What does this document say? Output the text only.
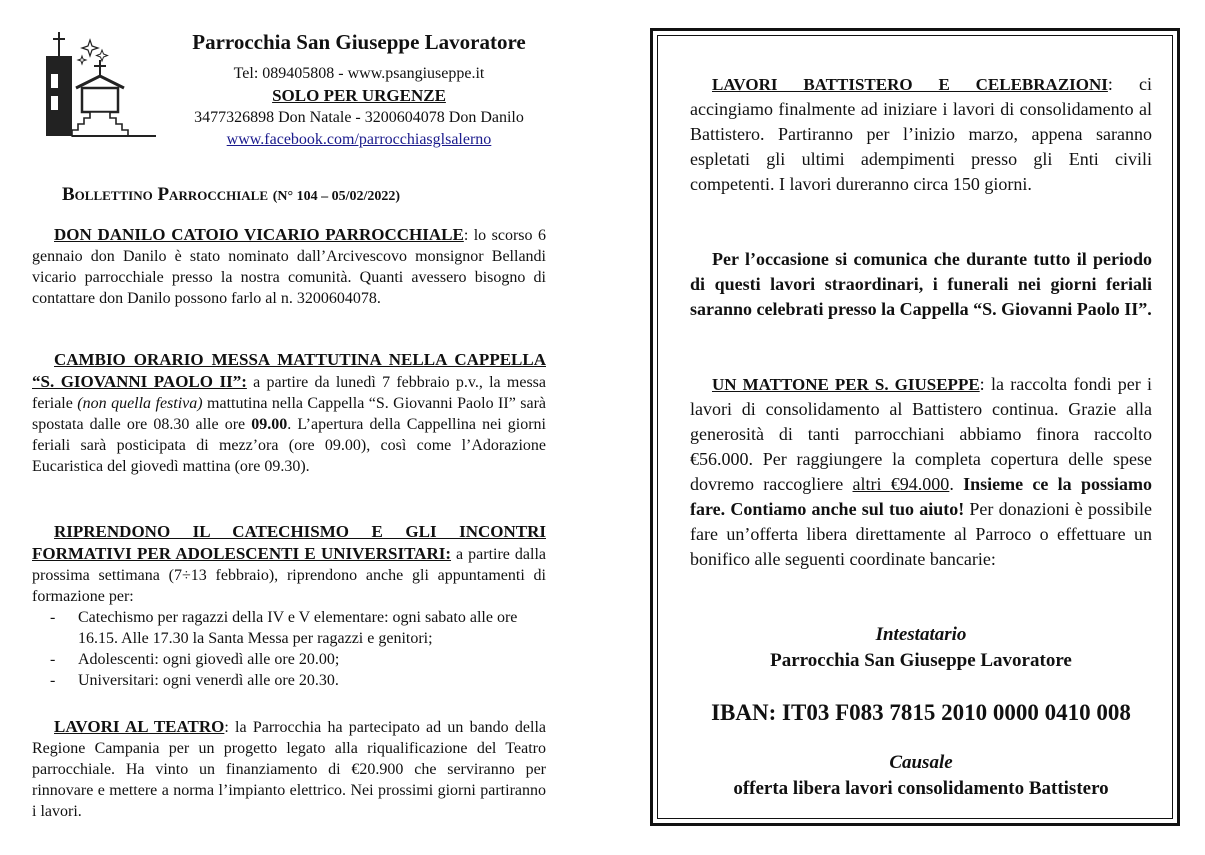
Parrocchia San Giuseppe Lavoratore
Tel: 089405808 - www.psangiuseppe.it
SOLO PER URGENZE
3477326898 Don Natale - 3200604078 Don Danilo
www.facebook.com/parrocchiasglsalerno
Bollettino Parrocchiale (N° 104 – 05/02/2022)

DON DANILO CATOIO VICARIO PARROCCHIALE: lo scorso 6 gennaio don Danilo è stato nominato dall’Arcivescovo monsignor Bellandi vicario parrocchiale presso la nostra comunità. Quanti avessero bisogno di contattare don Danilo possono farlo al n. 3200604078.

CAMBIO ORARIO MESSA MATTUTINA NELLA CAPPELLA “S. GIOVANNI PAOLO II”: a partire da lunedì 7 febbraio p.v., la messa feriale (non quella festiva) mattutina nella Cappella “S. Giovanni Paolo II” sarà spostata dalle ore 08.30 alle ore 09.00. L’apertura della Cappellina nei giorni feriali sarà posticipata di mezz’ora (ore 09.00), così come l’Adorazione Eucaristica del giovedì mattina (ore 09.30).

RIPRENDONO IL CATECHISMO E GLI INCONTRI FORMATIVI PER ADOLESCENTI E UNIVERSITARI: a partire dalla prossima settimana (7÷13 febbraio), riprendono anche gli appuntamenti di formazione per:

- Catechismo per ragazzi della IV e V elementare: ogni sabato alle ore 16.15. Alle 17.30 la Santa Messa per ragazzi e genitori;
- Adolescenti: ogni giovedì alle ore 20.00;
- Universitari: ogni venerdì alle ore 20.30.

LAVORI AL TEATRO: la Parrocchia ha partecipato ad un bando della Regione Campania per un progetto legato alla riqualificazione del Teatro parrocchiale. Ha vinto un finanziamento di €20.900 che serviranno per rinnovare e mettere a norma l’impianto elettrico. Nei prossimi giorni partiranno i lavori.

LAVORI BATTISTERO E CELEBRAZIONI: ci accingiamo finalmente ad iniziare i lavori di consolidamento al Battistero. Partiranno per l’inizio marzo, appena saranno espletati gli ultimi adempimenti presso gli Enti civili competenti. I lavori dureranno circa 150 giorni.

Per l’occasione si comunica che durante tutto il periodo di questi lavori straordinari, i funerali nei giorni feriali saranno celebrati presso la Cappella “S. Giovanni Paolo II”.

UN MATTONE PER S. GIUSEPPE: la raccolta fondi per i lavori di consolidamento al Battistero continua. Grazie alla generosità di tanti parrocchiani abbiamo finora raccolto €56.000. Per raggiungere la completa copertura delle spese dovremo raccogliere altri €94.000. Insieme ce la possiamo fare. Contiamo anche sul tuo aiuto! Per donazioni è possibile fare un’offerta libera direttamente al Parroco o effettuare un bonifico alle seguenti coordinate bancarie:

Intestatario
Parrocchia San Giuseppe Lavoratore
IBAN: IT03 F083 7815 2010 0000 0410 008
Causale
offerta libera lavori consolidamento Battistero
